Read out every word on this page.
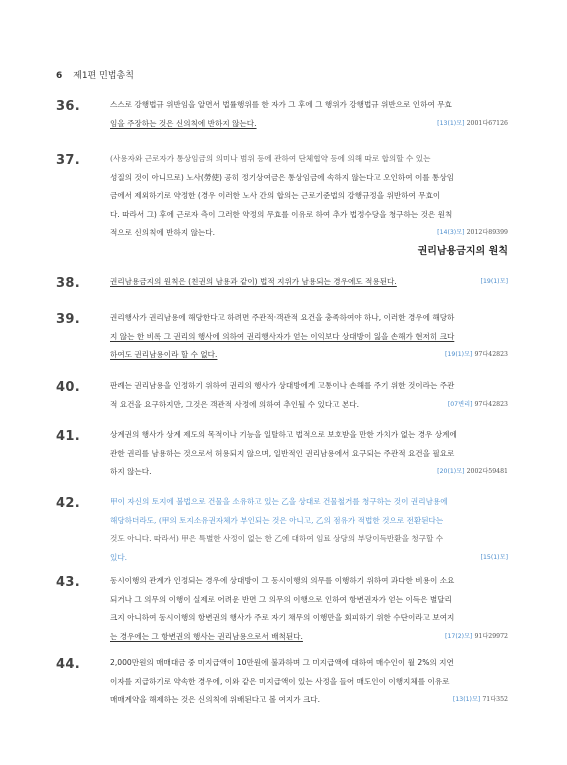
6 제1편 민법총칙
권리남용금지의 원칙
36.	스스로 강행법규 위반임을 알면서 법률행위를 한 자가 그 후에 그 행위가 강행법규 위반으로 인하여 무효
임을 주장하는 것은 신의칙에 반하지 않는다.	[13(1)모] 2001다67126
37.	(사용자와 근로자가 통상임금의 의미나 범위 등에 관하여 단체협약 등에 의해 따로 합의할 수 있는
성질의 것이 아니므로) 노사(勞使) 공히 정기상여금은 통상임금에 속하지 않는다고 오인하여 이를 통상임
금에서 제외하기로 약정한 (경우 이러한 노사 간의 합의는 근로기준법의 강행규정을 위반하여 무효이
다. 따라서 그) 후에 근로자 측이 그러한 약정의 무효를 이유로 하여 추가 법정수당을 청구하는 것은 원칙
적으로 신의칙에 반하지 않는다.	[14(3)모] 2012다89399
38.	권리남용금지의 원칙은 (친권의 남용과 같이) 법적 지위가 남용되는 경우에도 적용된다.	[19(1)모]
39.	권리행사가 권리남용에 해당한다고 하려면 주관적·객관적 요건을 충족하여야 하나, 이러한 경우에 해당하
지 않는 한 비록 그 권리의 행사에 의하여 권리행사자가 얻는 이익보다 상대방이 잃을 손해가 현저히 크다
하여도 권리남용이라 할 수 없다.	[19(1)모] 97다42823
40.	판례는 권리남용을 인정하기 위하여 권리의 행사가 상대방에게 고통이나 손해를 주기 위한 것이라는 주관
적 요건을 요구하지만, 그것은 객관적 사정에 의하여 추인될 수 있다고 본다.	[07변리] 97다42823
41.	상계권의 행사가 상계 제도의 목적이나 기능을 일탈하고 법적으로 보호받을 만한 가치가 없는 경우 상계에
관한 권리를 남용하는 것으로서 허용되지 않으며, 일반적인 권리남용에서 요구되는 주관적 요건을 필요로
하지 않는다.	[20(1)모] 2002다59481
42.	甲이 자신의 토지에 불법으로 건물을 소유하고 있는 乙을 상대로 건물철거를 청구하는 것이 권리남용에
해당하더라도, (甲의 토지소유권자체가 부인되는 것은 아니고, 乙의 점유가 적법한 것으로 전환된다는
것도 아니다. 따라서) 甲은 특별한 사정이 없는 한 乙에 대하여 임료 상당의 부당이득반환을 청구할 수
있다.	[15(1)모]
43.	동시이행의 관계가 인정되는 경우에 상대방이 그 동시이행의 의무를 이행하기 위하여 과다한 비용이 소요
되거나 그 의무의 이행이 실제로 어려운 반면 그 의무의 이행으로 인하여 항변권자가 얻는 이득은 별달리
크지 아니하여 동시이행의 항변권의 행사가 주로 자기 채무의 이행만을 회피하기 위한 수단이라고 보여지
는 경우에는 그 항변권의 행사는 권리남용으로서 배척된다.	[17(2)모] 91다29972
44.	2,000만원의 매매대금 중 미지급액이 10만원에 불과하며 그 미지급액에 대하여 매수인이 월 2%의 지연
이자를 지급하기로 약속한 경우에, 이와 같은 미지급액이 있는 사정을 들어 매도인이 이행지체를 이유로
매매계약을 해제하는 것은 신의칙에 위배된다고 볼 여지가 크다.	[13(1)모] 71다352
